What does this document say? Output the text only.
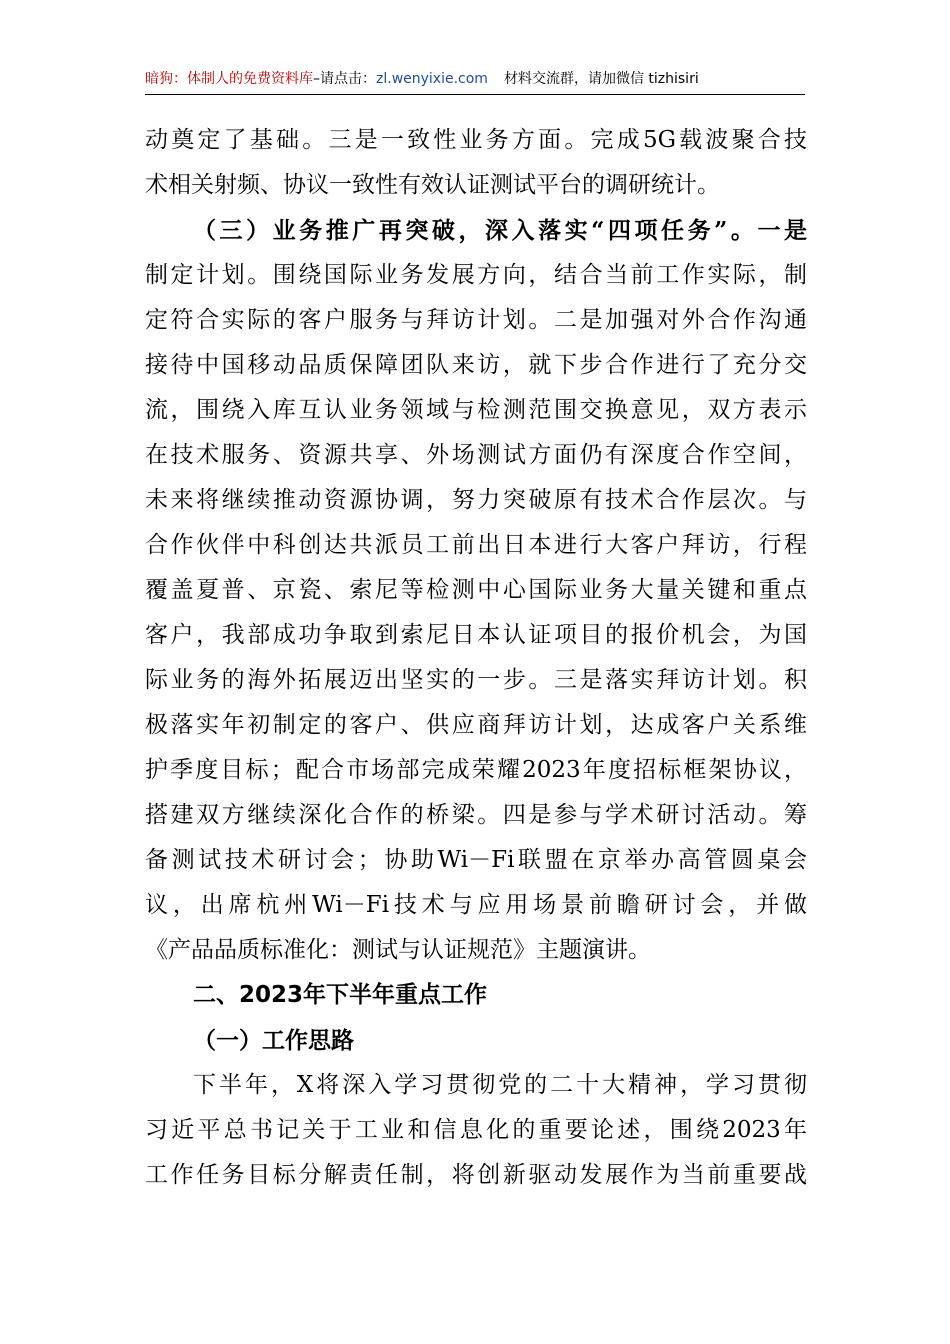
暗狗：体制人的免费资料库–请点击：zl.wenyixie.com 材料交流群，请加微信 tizhisiri
动奠定了基础。三是一致性业务方面。完成5G载波聚合技
术相关射频、协议一致性有效认证测试平台的调研统计。
（三）业务推广再突破，深入落实“四项任务”。一是
制定计划。围绕国际业务发展方向，结合当前工作实际，制
定符合实际的客户服务与拜访计划。二是加强对外合作沟通
接待中国移动品质保障团队来访，就下步合作进行了充分交
流，围绕入库互认业务领域与检测范围交换意见，双方表示
在技术服务、资源共享、外场测试方面仍有深度合作空间，
未来将继续推动资源协调，努力突破原有技术合作层次。与
合作伙伴中科创达共派员工前出日本进行大客户拜访，行程
覆盖夏普、京瓷、索尼等检测中心国际业务大量关键和重点
客户，我部成功争取到索尼日本认证项目的报价机会，为国
际业务的海外拓展迈出坚实的一步。三是落实拜访计划。积
极落实年初制定的客户、供应商拜访计划，达成客户关系维
护季度目标；配合市场部完成荣耀2023年度招标框架协议，
搭建双方继续深化合作的桥梁。四是参与学术研讨活动。筹
备测试技术研讨会；协助Wi－Fi联盟在京举办高管圆桌会
议，出席杭州Wi－Fi技术与应用场景前瞻研讨会，并做
《产品品质标准化：测试与认证规范》主题演讲。
二、2023年下半年重点工作
（一）工作思路
下半年，X将深入学习贯彻党的二十大精神，学习贯彻
习近平总书记关于工业和信息化的重要论述，围绕2023年
工作任务目标分解责任制，将创新驱动发展作为当前重要战
